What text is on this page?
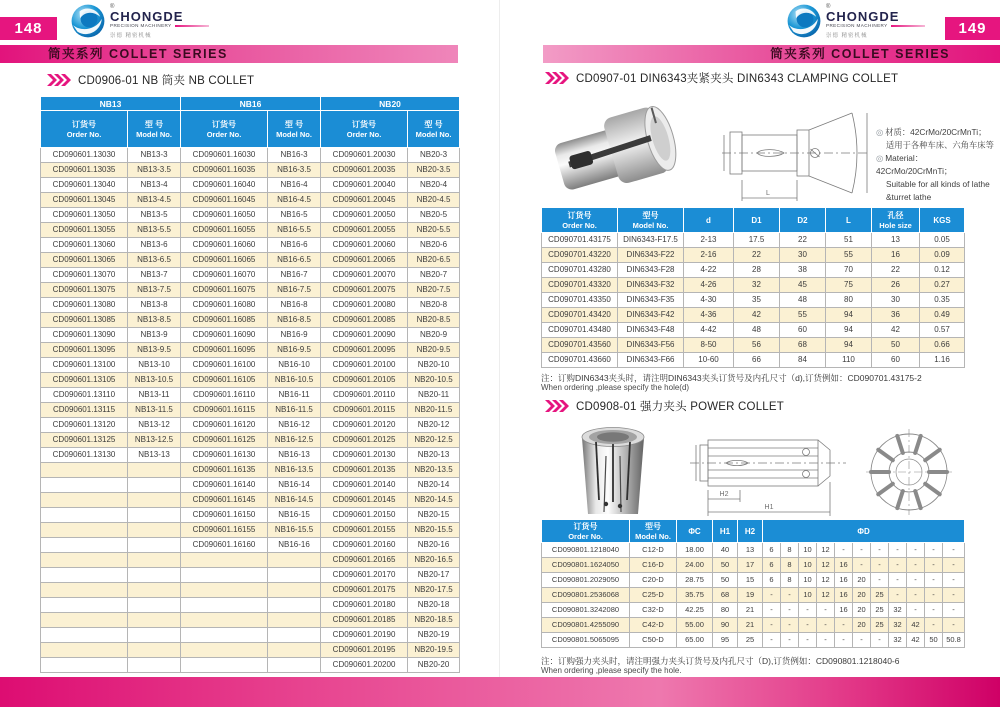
148
®
CHONGDE
PRECISION MACHINERY
崇德 精密机械
筒夹系列 COLLET SERIES
CD0906-01 NB 筒夹 NB COLLET
NB13		NB16		NB20	

订货号
Order No.	型 号
Model No.	订货号
Order No.	型 号
Model No.	订货号
Order No.	型 号
Model No.

CD090601.13030	NB13-3	CD090601.16030	NB16-3	CD090601.20030	NB20-3
CD090601.13035	NB13-3.5	CD090601.16035	NB16-3.5	CD090601.20035	NB20-3.5
CD090601.13040	NB13-4	CD090601.16040	NB16-4	CD090601.20040	NB20-4
CD090601.13045	NB13-4.5	CD090601.16045	NB16-4.5	CD090601.20045	NB20-4.5
CD090601.13050	NB13-5	CD090601.16050	NB16-5	CD090601.20050	NB20-5
CD090601.13055	NB13-5.5	CD090601.16055	NB16-5.5	CD090601.20055	NB20-5.5
CD090601.13060	NB13-6	CD090601.16060	NB16-6	CD090601.20060	NB20-6
CD090601.13065	NB13-6.5	CD090601.16065	NB16-6.5	CD090601.20065	NB20-6.5
CD090601.13070	NB13-7	CD090601.16070	NB16-7	CD090601.20070	NB20-7
CD090601.13075	NB13-7.5	CD090601.16075	NB16-7.5	CD090601.20075	NB20-7.5
CD090601.13080	NB13-8	CD090601.16080	NB16-8	CD090601.20080	NB20-8
CD090601.13085	NB13-8.5	CD090601.16085	NB16-8.5	CD090601.20085	NB20-8.5
CD090601.13090	NB13-9	CD090601.16090	NB16-9	CD090601.20090	NB20-9
CD090601.13095	NB13-9.5	CD090601.16095	NB16-9.5	CD090601.20095	NB20-9.5
CD090601.13100	NB13-10	CD090601.16100	NB16-10	CD090601.20100	NB20-10
CD090601.13105	NB13-10.5	CD090601.16105	NB16-10.5	CD090601.20105	NB20-10.5
CD090601.13110	NB13-11	CD090601.16110	NB16-11	CD090601.20110	NB20-11
CD090601.13115	NB13-11.5	CD090601.16115	NB16-11.5	CD090601.20115	NB20-11.5
CD090601.13120	NB13-12	CD090601.16120	NB16-12	CD090601.20120	NB20-12
CD090601.13125	NB13-12.5	CD090601.16125	NB16-12.5	CD090601.20125	NB20-12.5
CD090601.13130	NB13-13	CD090601.16130	NB16-13	CD090601.20130	NB20-13
		CD090601.16135	NB16-13.5	CD090601.20135	NB20-13.5
		CD090601.16140	NB16-14	CD090601.20140	NB20-14
		CD090601.16145	NB16-14.5	CD090601.20145	NB20-14.5
		CD090601.16150	NB16-15	CD090601.20150	NB20-15
		CD090601.16155	NB16-15.5	CD090601.20155	NB20-15.5
		CD090601.16160	NB16-16	CD090601.20160	NB20-16
				CD090601.20165	NB20-16.5
				CD090601.20170	NB20-17
				CD090601.20175	NB20-17.5
				CD090601.20180	NB20-18
				CD090601.20185	NB20-18.5
				CD090601.20190	NB20-19
				CD090601.20195	NB20-19.5
				CD090601.20200	NB20-20
149
®
CHONGDE
PRECISION MACHINERY
崇德 精密机械
筒夹系列 COLLET SERIES
CD0907-01 DIN6343夹紧夹头 DIN6343 CLAMPING COLLET
L
◎ 材质：42CrMo/20CrMnTi；
适用于各种车床、六角车床等
◎ Material：42CrMo/20CrMnTi；
Suitable for all kinds of lathe
&turret lathe
订货号
Order No.	型号
Model No.	d	D1	D2	L	孔径
Hole size	KGS
CD090701.43175	DIN6343-F17.5	2-13	17.5	22	51	13	0.05
CD090701.43220	DIN6343-F22	2-16	22	30	55	16	0.09
CD090701.43280	DIN6343-F28	4-22	28	38	70	22	0.12
CD090701.43320	DIN6343-F32	4-26	32	45	75	26	0.27
CD090701.43350	DIN6343-F35	4-30	35	48	80	30	0.35
CD090701.43420	DIN6343-F42	4-36	42	55	94	36	0.49
CD090701.43480	DIN6343-F48	4-42	48	60	94	42	0.57
CD090701.43560	DIN6343-F56	8-50	56	68	94	50	0.66
CD090701.43660	DIN6343-F66	10-60	66	84	110	60	1.16
注：订购DIN6343夹头时，请注明DIN6343夹头订货号及内孔尺寸（d),订货例如：CD090701.43175-2
When ordering ,please specify the hole(d)
CD0908-01 强力夹头 POWER COLLET
H2
H1
订货号
Order No.	型号
Model No.	ΦC	H1	H2	ΦD										
CD090801.1218040	C12-D	18.00	40	13	6	8	10	12	-	-	-	-	-	-	-
CD090801.1624050	C16-D	24.00	50	17	6	8	10	12	16	-	-	-	-	-	-
CD090801.2029050	C20-D	28.75	50	15	6	8	10	12	16	20	-	-	-	-	-
CD090801.2536068	C25-D	35.75	68	19	-	-	10	12	16	20	25	-	-	-	-
CD090801.3242080	C32-D	42.25	80	21	-	-	-	-	16	20	25	32	-	-	-
CD090801.4255090	C42-D	55.00	90	21	-	-	-	-	-	20	25	32	42	-	-
CD090801.5065095	C50-D	65.00	95	25	-	-	-	-	-	-	-	32	42	50	50.8
注：订购强力夹头时，请注明强力夹头订货号及内孔尺寸（D),订货例如：CD090801.1218040-6
When ordering ,please specify the hole.
